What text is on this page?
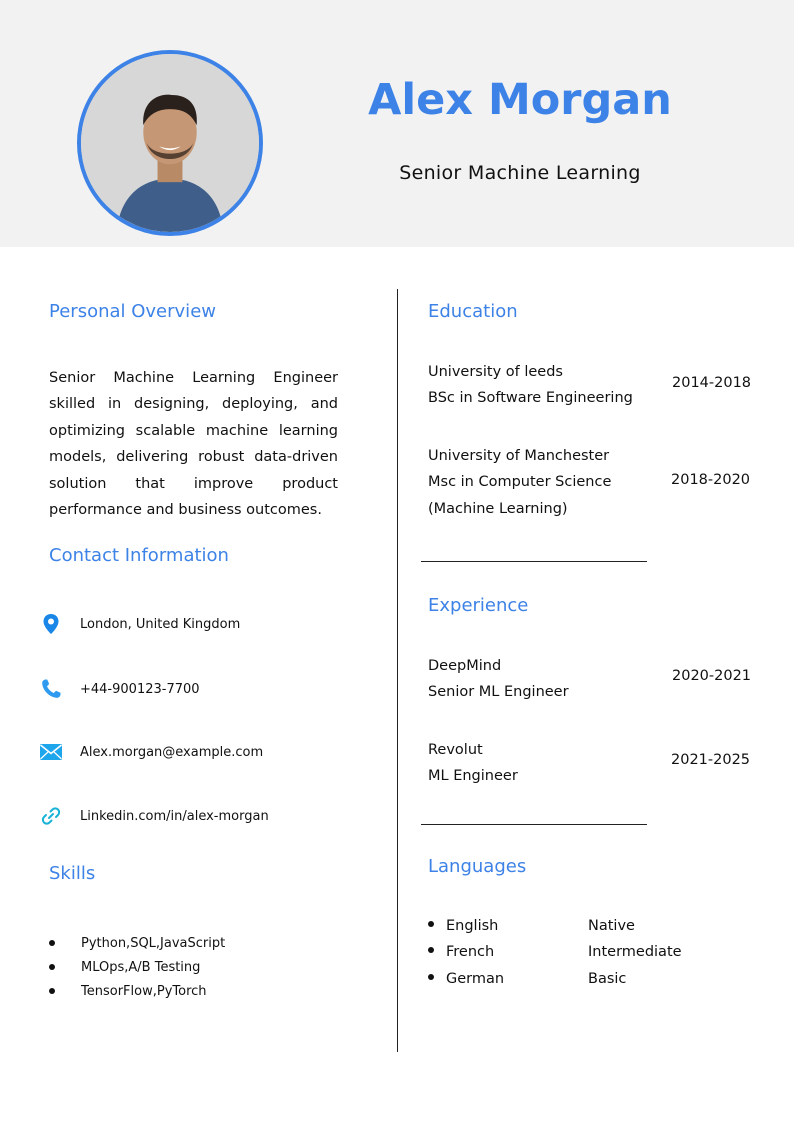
Alex Morgan
Senior Machine Learning
Personal Overview

Senior Machine Learning Engineer skilled in designing, deploying, and optimizing scalable machine learning models, delivering robust data-driven solution that improve product performance and business outcomes.

Contact Information
London, United Kingdom
+44-900123-7700
Alex.morgan@example.com
Linkedin.com/in/alex-morgan
Skills
Python,SQL,JavaScript
MLOps,A/B Testing
TensorFlow,PyTorch
Education
University of leeds
BSc in Software Engineering
2014-2018
University of Manchester
Msc in Computer Science
(Machine Learning)
2018-2020
Experience
DeepMind
Senior ML Engineer
2020-2021
Revolut
ML Engineer
2021-2025
Languages
English	Native
French	Intermediate
German	Basic
